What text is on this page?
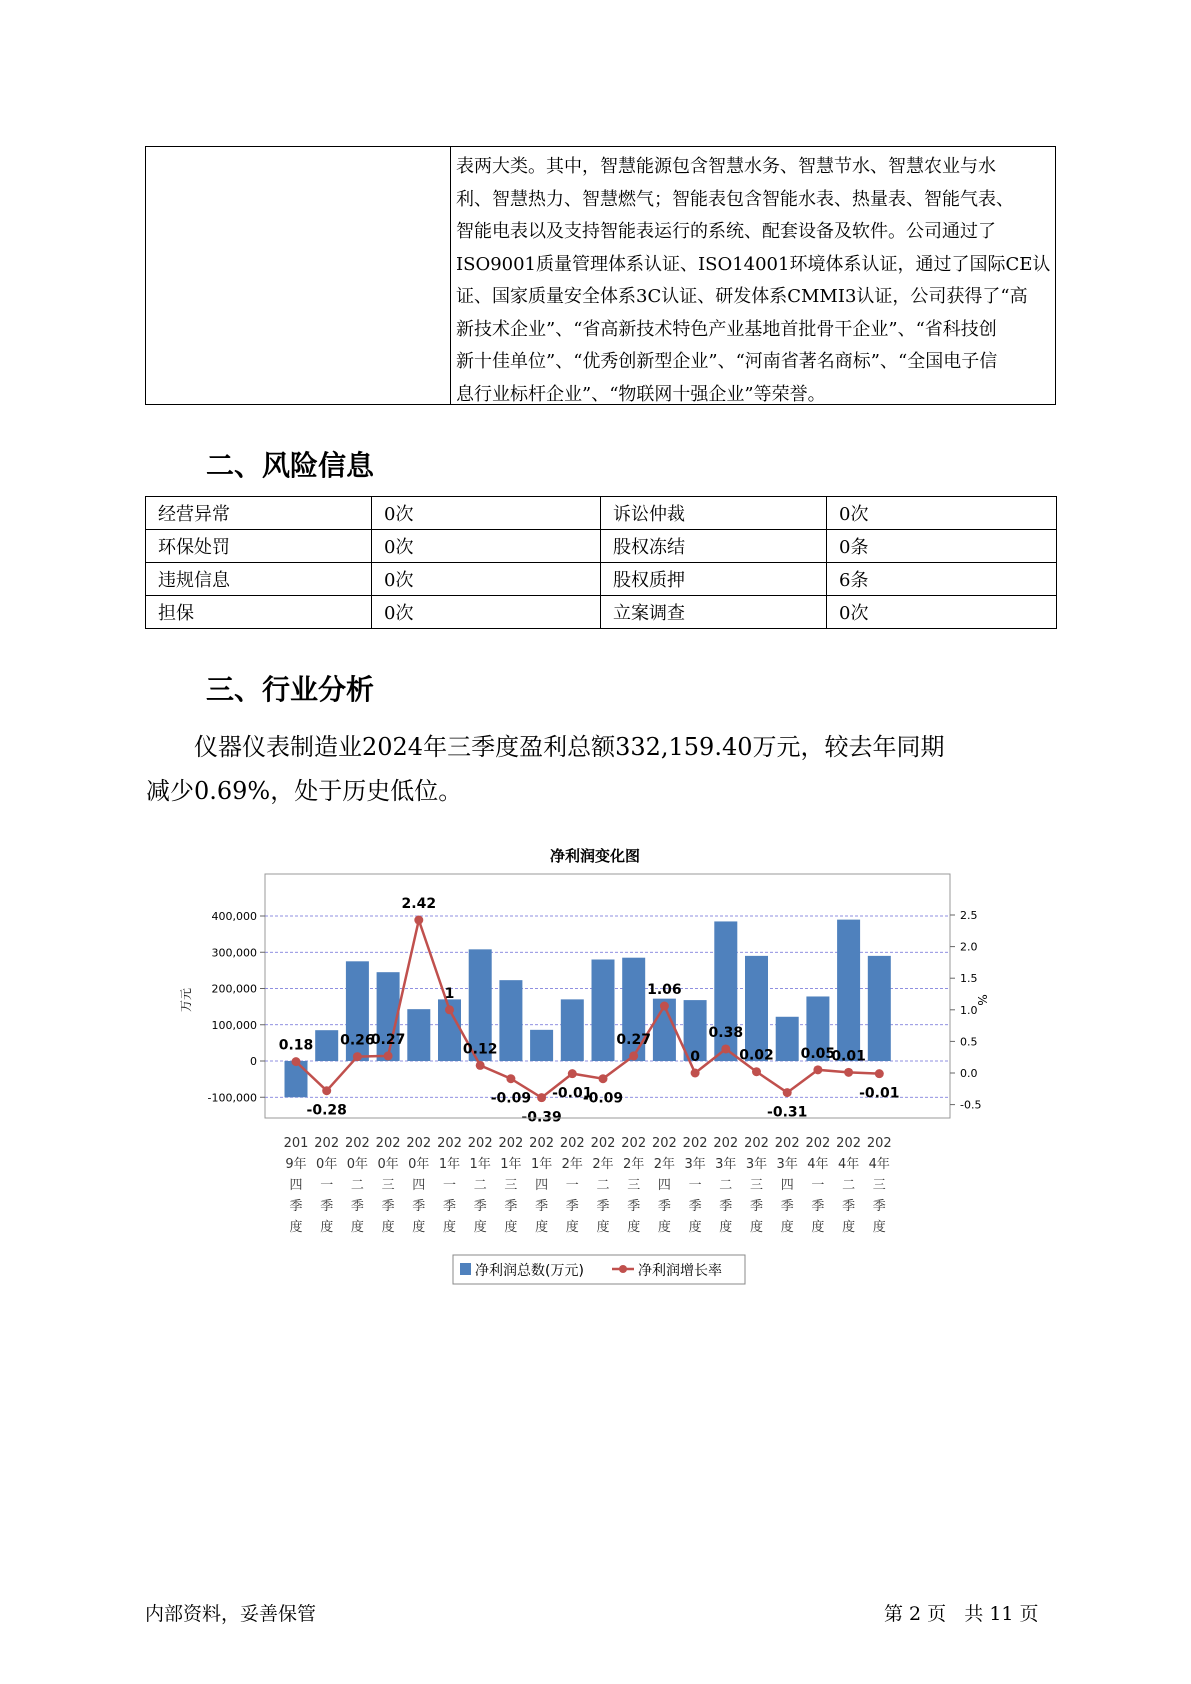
表两大类。其中，智慧能源包含智慧水务、智慧节水、智慧农业与水
利、智慧热力、智慧燃气；智能表包含智能水表、热量表、智能气表、
智能电表以及支持智能表运行的系统、配套设备及软件。公司通过了
ISO9001质量管理体系认证、ISO14001环境体系认证，通过了国际CE认
证、国家质量安全体系3C认证、研发体系CMMI3认证，公司获得了“高
新技术企业”、“省高新技术特色产业基地首批骨干企业”、“省科技创
新十佳单位”、“优秀创新型企业”、“河南省著名商标”、“全国电子信
息行业标杆企业”、“物联网十强企业”等荣誉。
二、风险信息
经营异常	0次	诉讼仲裁	0次
环保处罚	0次	股权冻结	0条
违规信息	0次	股权质押	6条
担保	0次	立案调查	0次
三、行业分析
仪器仪表制造业2024年三季度盈利总额332,159.40万元，较去年同期
减少0.69%，处于历史低位。
净利润变化图
-100,000
0
100,000
200,000
300,000
400,000
-0.5
0.0
0.5
1.0
1.5
2.0
2.5
万元	%
0.18
-0.28
0.26
0.27
2.42
1
0.12
-0.09
-0.39
-0.01
-0.09
0.27
1.06
0
0.38
0.02
-0.31
0.05
0.01
-0.01
201
9年
四
季
度
202
0年
一
季
度
202
0年
二
季
度
202
0年
三
季
度
202
0年
四
季
度
202
1年
一
季
度
202
1年
二
季
度
202
1年
三
季
度
202
1年
四
季
度
202
2年
一
季
度
202
2年
二
季
度
202
2年
三
季
度
202
2年
四
季
度
202
3年
一
季
度
202
3年
二
季
度
202
3年
三
季
度
202
3年
四
季
度
202
4年
一
季
度
202
4年
二
季
度
202
4年
三
季
度
净利润总数(万元)	净利润增长率
内部资料，妥善保管	第 2 页   共 11 页
